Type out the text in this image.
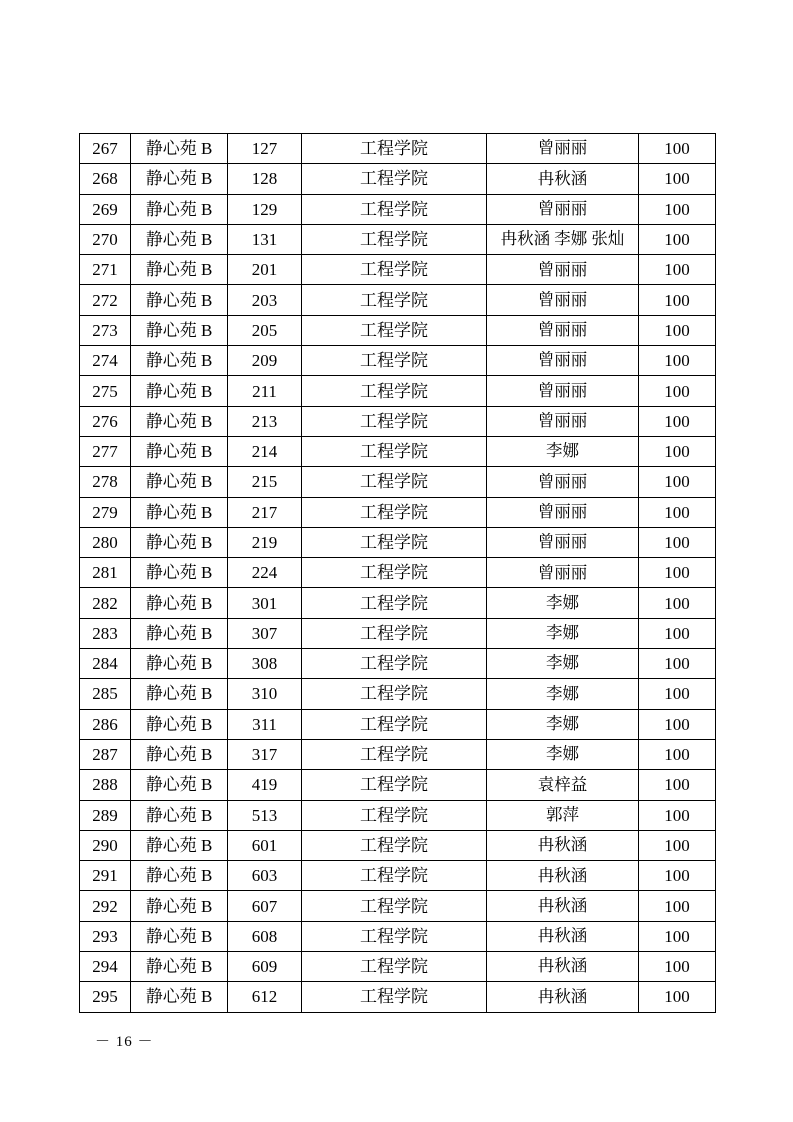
267	静心苑 B	127	工程学院	曾丽丽	100
268	静心苑 B	128	工程学院	冉秋涵	100
269	静心苑 B	129	工程学院	曾丽丽	100
270	静心苑 B	131	工程学院	冉秋涵 李娜 张灿	100
271	静心苑 B	201	工程学院	曾丽丽	100
272	静心苑 B	203	工程学院	曾丽丽	100
273	静心苑 B	205	工程学院	曾丽丽	100
274	静心苑 B	209	工程学院	曾丽丽	100
275	静心苑 B	211	工程学院	曾丽丽	100
276	静心苑 B	213	工程学院	曾丽丽	100
277	静心苑 B	214	工程学院	李娜	100
278	静心苑 B	215	工程学院	曾丽丽	100
279	静心苑 B	217	工程学院	曾丽丽	100
280	静心苑 B	219	工程学院	曾丽丽	100
281	静心苑 B	224	工程学院	曾丽丽	100
282	静心苑 B	301	工程学院	李娜	100
283	静心苑 B	307	工程学院	李娜	100
284	静心苑 B	308	工程学院	李娜	100
285	静心苑 B	310	工程学院	李娜	100
286	静心苑 B	311	工程学院	李娜	100
287	静心苑 B	317	工程学院	李娜	100
288	静心苑 B	419	工程学院	袁梓益	100
289	静心苑 B	513	工程学院	郭萍	100
290	静心苑 B	601	工程学院	冉秋涵	100
291	静心苑 B	603	工程学院	冉秋涵	100
292	静心苑 B	607	工程学院	冉秋涵	100
293	静心苑 B	608	工程学院	冉秋涵	100
294	静心苑 B	609	工程学院	冉秋涵	100
295	静心苑 B	612	工程学院	冉秋涵	100
－ 16 －
